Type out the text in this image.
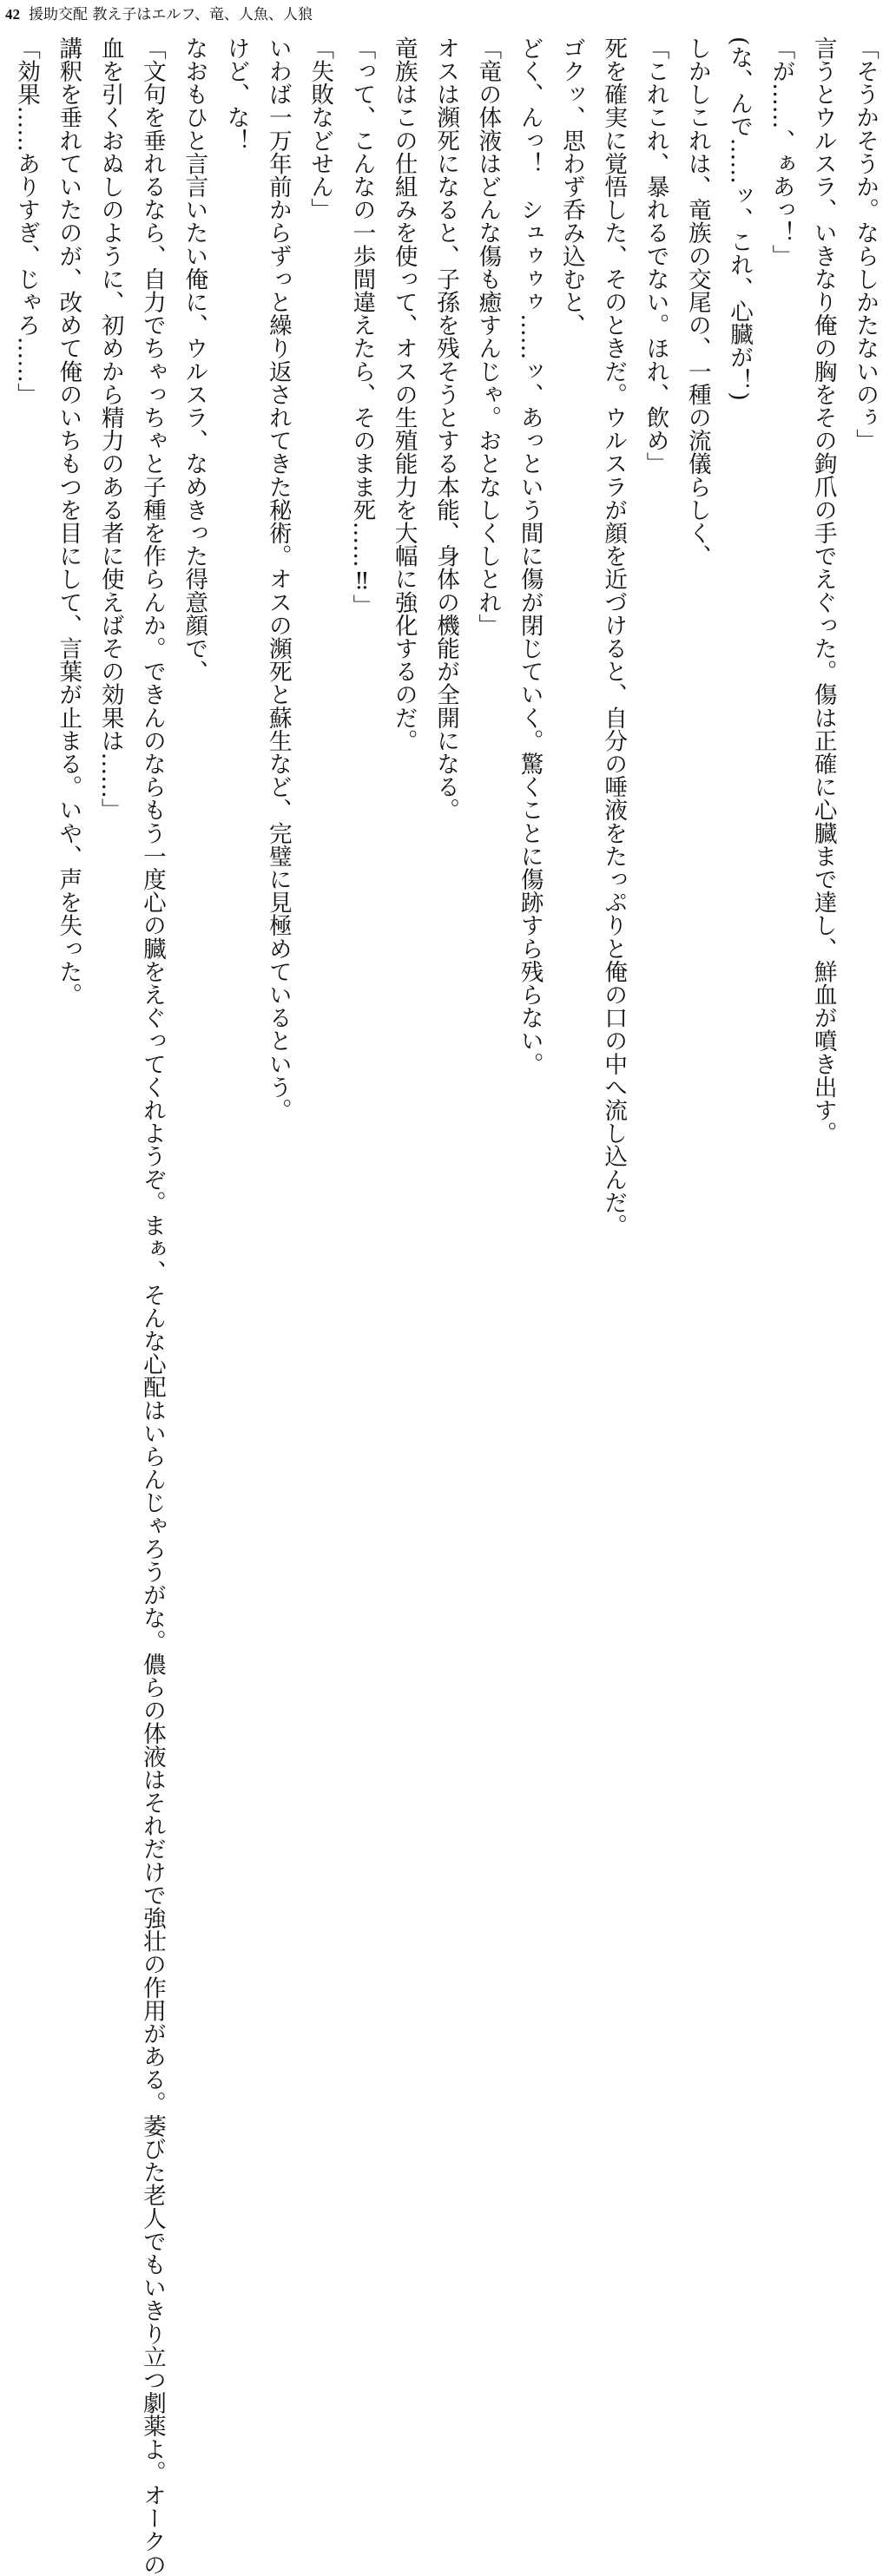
42 援助交配 教え子はエルフ、竜、人魚、人狼

「そうかそうか。ならしかたないのぅ」

言うとウルスラ、いきなり俺の胸をその鉤爪の手でえぐった。傷は正確に心臓まで達し、鮮血が噴き出す。

「が……、ぁあっ！」

(な、んで……ッ、これ、心臓が！)

しかしこれは、竜族の交尾の、一種の流儀らしく、

「これこれ、暴れるでない。ほれ、飲め」

死を確実に覚悟した、そのときだ。ウルスラが顔を近づけると、自分の唾液をたっぷりと俺の口の中へ流し込んだ。

ゴクッ、思わず呑み込むと、

どく、んっ！　シュゥゥゥ……ッ、あっという間に傷が閉じていく。驚くことに傷跡すら残らない。

「竜の体液はどんな傷も癒すんじゃ。おとなしくしとれ」

オスは瀕死になると、子孫を残そうとする本能、身体の機能が全開になる。

竜族はこの仕組みを使って、オスの生殖能力を大幅に強化するのだ。

「って、こんなの一歩間違えたら、そのまま死……‼」

「失敗などせん」

いわば一万年前からずっと繰り返されてきた秘術。オスの瀕死と蘇生など、完璧に見極めているという。

けど、な！

なおもひと言言いたい俺に、ウルスラ、なめきった得意顔で、

「文句を垂れるなら、自力でちゃっちゃと子種を作らんか。できんのならもう一度心の臓をえぐってくれようぞ。まぁ、そんな心配はいらんじゃろうがな。儂らの体液はそれだけで強壮の作用がある。萎びた老人でもいきり立つ劇薬よ。オークの

血を引くおぬしのように、初めから精力のある者に使えばその効果は……」

講釈を垂れていたのが、改めて俺のいちもつを目にして、言葉が止まる。いや、声を失った。

「効果……ありすぎ、じゃろ……」
